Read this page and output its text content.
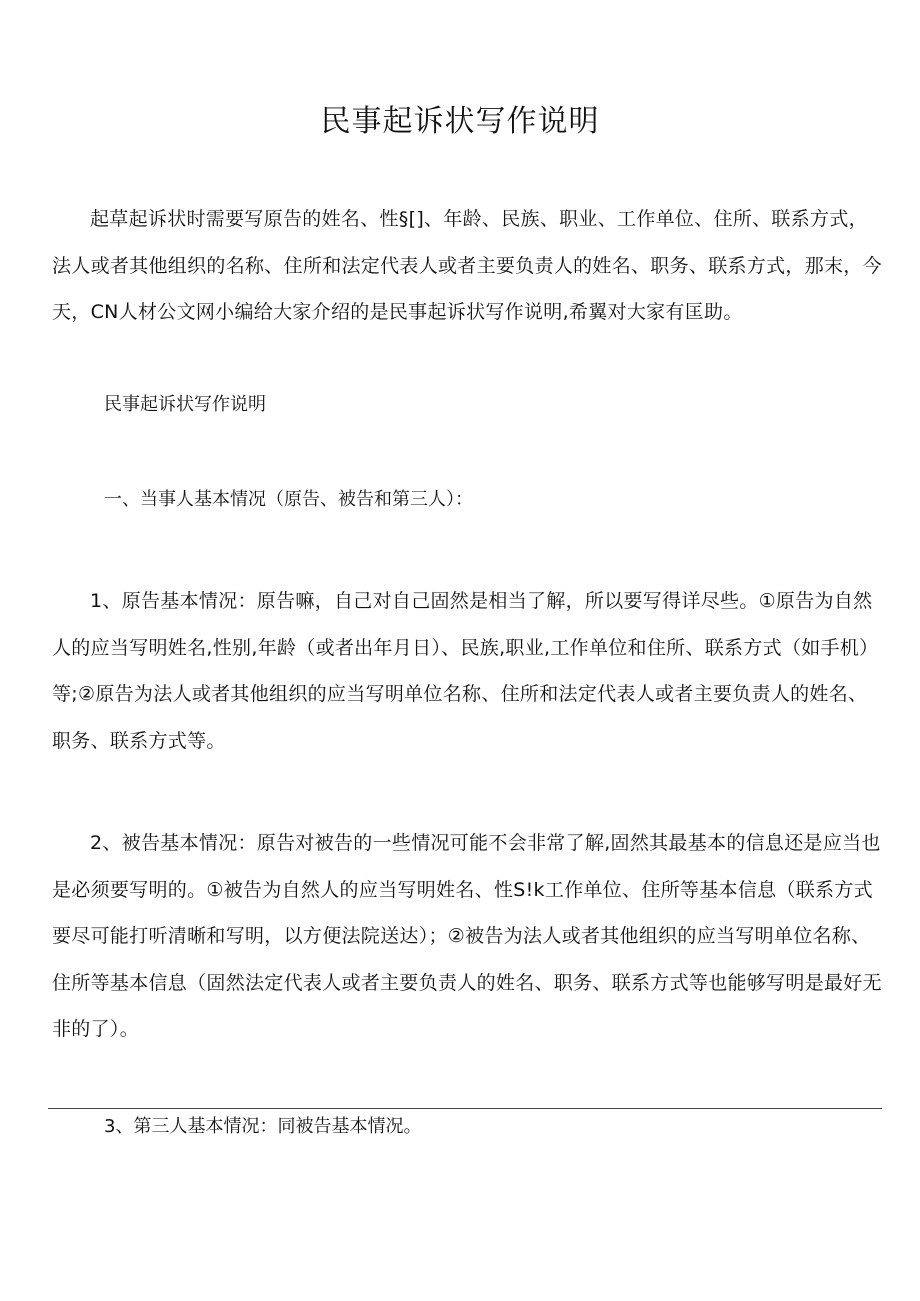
民事起诉状写作说明

起草起诉状时需要写原告的姓名、性§[]、年龄、民族、职业、工作单位、住所、联系方式，法人或者其他组织的名称、住所和法定代表人或者主要负责人的姓名、职务、联系方式，那末，今天，CN人材公文网小编给大家介绍的是民事起诉状写作说明,希翼对大家有匡助。

民事起诉状写作说明

一、当事人基本情况（原告、被告和第三人）：

1、原告基本情况：原告嘛，自己对自己固然是相当了解，所以要写得详尽些。①原告为自然人的应当写明姓名,性别,年龄（或者出年月日）、民族,职业,工作单位和住所、联系方式（如手机）等;②原告为法人或者其他组织的应当写明单位名称、住所和法定代表人或者主要负责人的姓名、职务、联系方式等。

2、被告基本情况：原告对被告的一些情况可能不会非常了解,固然其最基本的信息还是应当也是必须要写明的。①被告为自然人的应当写明姓名、性S!k工作单位、住所等基本信息（联系方式要尽可能打听清晰和写明，以方便法院送达）；②被告为法人或者其他组织的应当写明单位名称、住所等基本信息（固然法定代表人或者主要负责人的姓名、职务、联系方式等也能够写明是最好无非的了）。

3、第三人基本情况：同被告基本情况。
